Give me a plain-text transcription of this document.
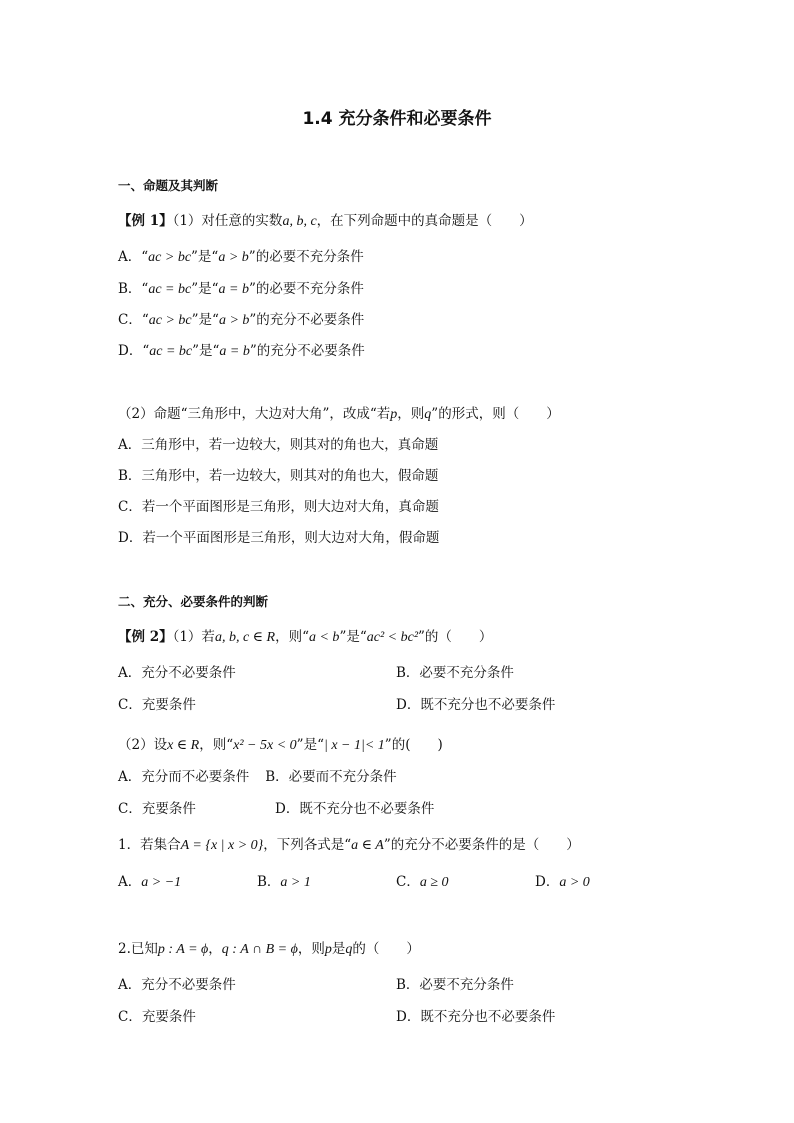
1.4 充分条件和必要条件
一、命题及其判断
【例 1】（1）对任意的实数a, b, c，在下列命题中的真命题是（　　）
A．“ac > bc”是“a > b”的必要不充分条件
B．“ac = bc”是“a = b”的必要不充分条件
C．“ac > bc”是“a > b”的充分不必要条件
D．“ac = bc”是“a = b”的充分不必要条件
（2）命题“三角形中，大边对大角”，改成“若p，则q”的形式，则（　　）
A．三角形中，若一边较大，则其对的角也大，真命题
B．三角形中，若一边较大，则其对的角也大，假命题
C．若一个平面图形是三角形，则大边对大角，真命题
D．若一个平面图形是三角形，则大边对大角，假命题
二、充分、必要条件的判断
【例 2】（1）若a, b, c ∈ R，则“a < b”是“ac² < bc²”的（　　）
A．充分不必要条件	B．必要不充分条件
C．充要条件	D．既不充分也不必要条件
（2）设x ∈ R，则“x² − 5x < 0”是“| x − 1|< 1”的(　　)
A．充分而不必要条件 B．必要而不充分条件
C．充要条件	D．既不充分也不必要条件
1．若集合A = {x | x > 0}，下列各式是“a ∈ A”的充分不必要条件的是（　　）
A．a > −1	B．a > 1	C．a ≥ 0	D．a > 0
2.已知p : A = ϕ，q : A ∩ B = ϕ，则p是q的（　　）
A．充分不必要条件	B．必要不充分条件
C．充要条件	D．既不充分也不必要条件
